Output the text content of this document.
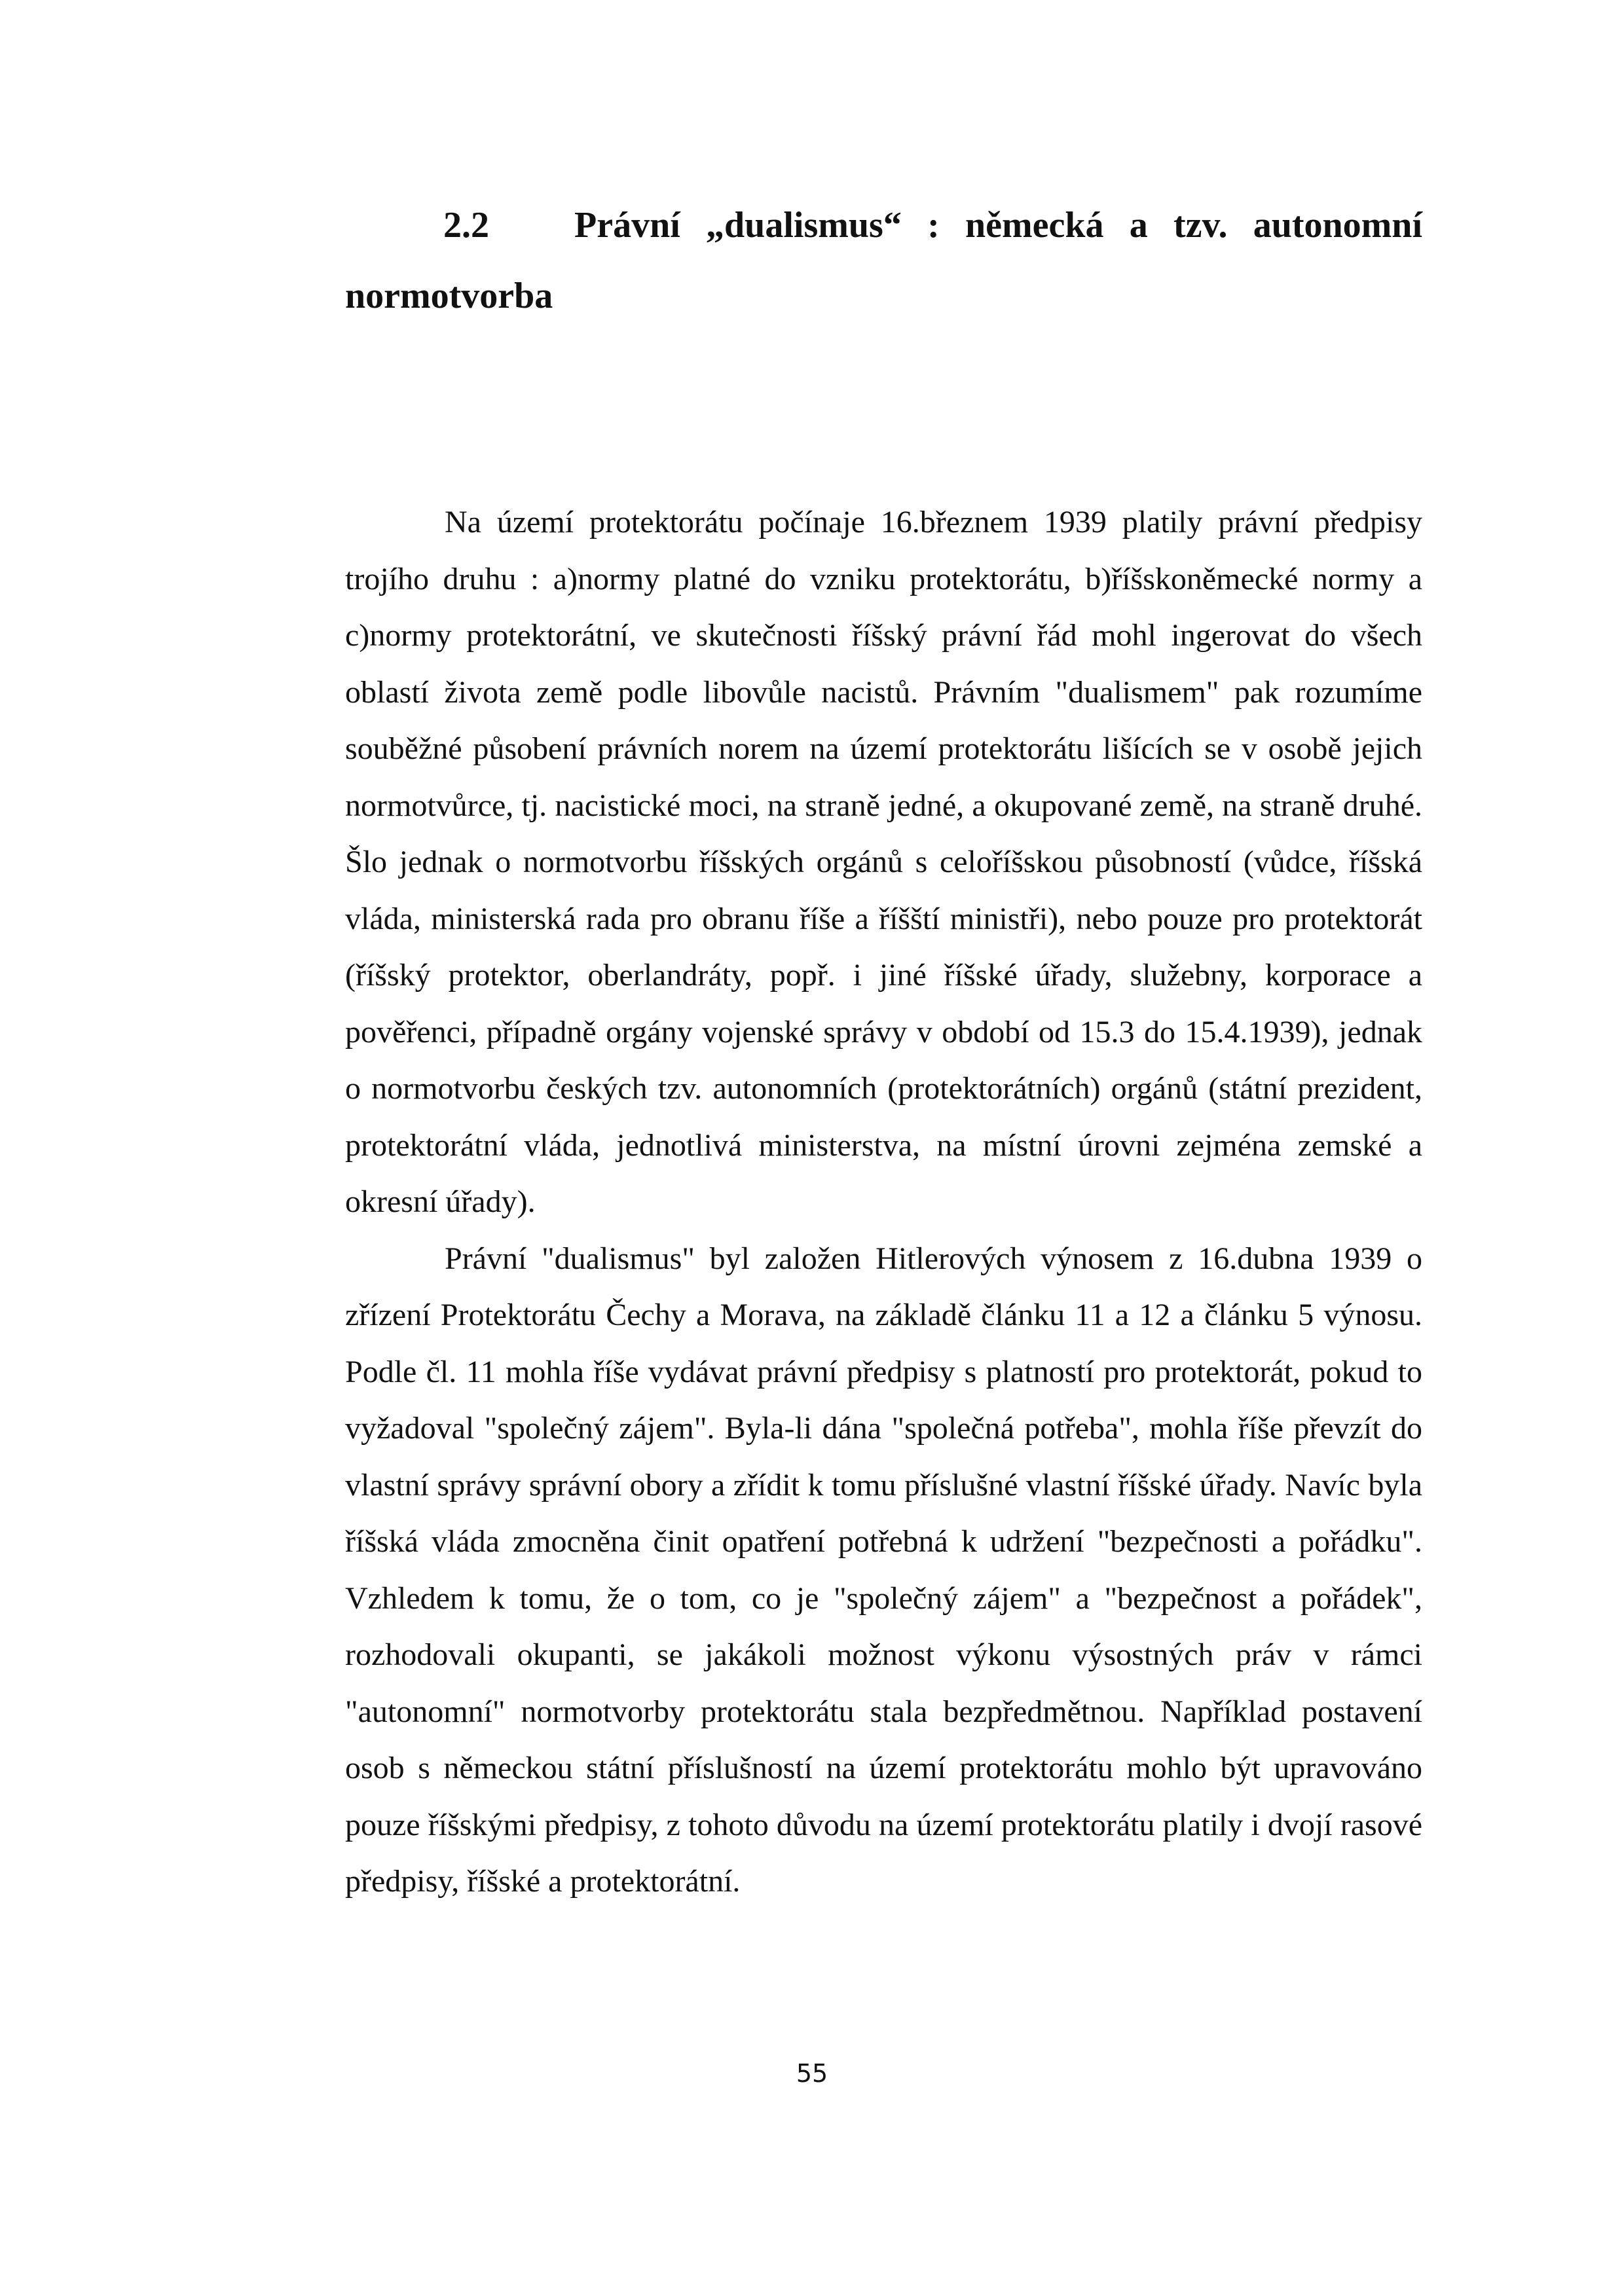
2.2	Právní „dualismus“ : německá a tzv. autonomní
normotvorba

Na území protektorátu počínaje 16.březnem 1939 platily právní předpisy trojího druhu : a)normy platné do vzniku protektorátu, b)říšskoněmecké normy a c)normy protektorátní, ve skutečnosti říšský právní řád mohl ingerovat do všech oblastí života země podle libovůle nacistů. Právním "dualismem" pak rozumíme souběžné působení právních norem na území protektorátu lišících se v osobě jejich normotvůrce, tj. nacistické moci, na straně jedné, a okupované země, na straně druhé. Šlo jednak o normotvorbu říšských orgánů s celoříšskou působností (vůdce, říšská vláda, ministerská rada pro obranu říše a říšští ministři), nebo pouze pro protektorát (říšský protektor, oberlandráty, popř. i jiné říšské úřady, služebny, korporace a pověřenci, případně orgány vojenské správy v období od 15.3 do 15.4.1939), jednak o normotvorbu českých tzv. autonomních (protektorátních) orgánů (státní prezident, protektorátní vláda, jednotlivá ministerstva, na místní úrovni zejména zemské a okresní úřady).

Právní "dualismus" byl založen Hitlerových výnosem z 16.dubna 1939 o zřízení Protektorátu Čechy a Morava, na základě článku 11 a 12 a článku 5 výnosu. Podle čl. 11 mohla říše vydávat právní předpisy s platností pro protektorát, pokud to vyžadoval "společný zájem". Byla-li dána "společná potřeba", mohla říše převzít do vlastní správy správní obory a zřídit k tomu příslušné vlastní říšské úřady. Navíc byla říšská vláda zmocněna činit opatření potřebná k udržení "bezpečnosti a pořádku". Vzhledem k tomu, že o tom, co je "společný zájem" a "bezpečnost a pořádek", rozhodovali okupanti, se jakákoli možnost výkonu výsostných práv v rámci "autonomní" normotvorby protektorátu stala bezpředmětnou. Například postavení osob s německou státní příslušností na území protektorátu mohlo být upravováno pouze říšskými předpisy, z tohoto důvodu na území protektorátu platily i dvojí rasové předpisy, říšské a protektorátní.

55
